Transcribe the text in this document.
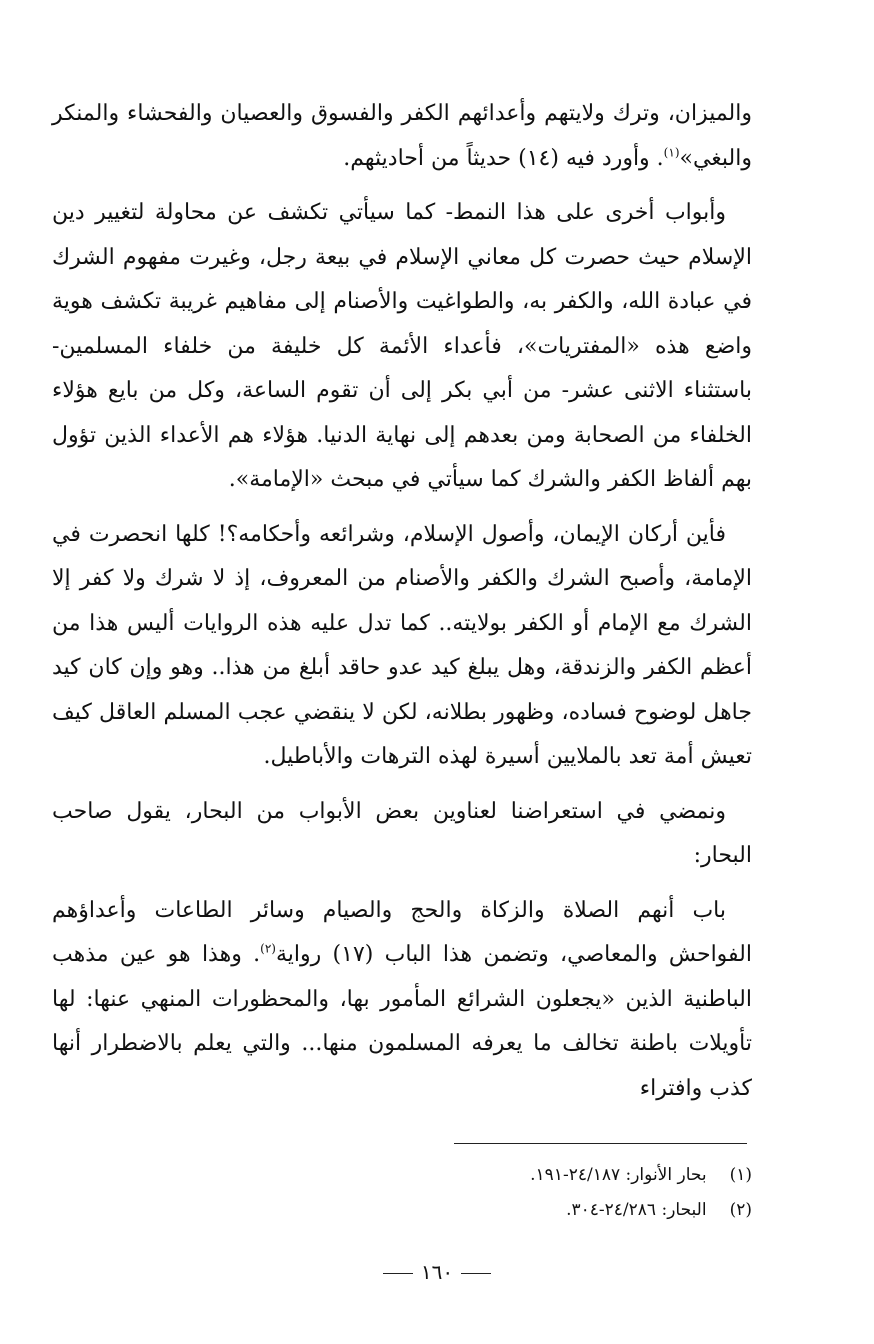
والميزان، وترك ولايتهم وأعدائهم الكفر والفسوق والعصيان والفحشاء والمنكر والبغي»$^{(١)}$. وأورد فيه (١٤) حديثاً من أحاديثهم.

وأبواب أخرى على هذا النمط- كما سيأتي تكشف عن محاولة لتغيير دين الإسلام حيث حصرت كل معاني الإسلام في بيعة رجل، وغيرت مفهوم الشرك في عبادة الله، والكفر به، والطواغيت والأصنام إلى مفاهيم غريبة تكشف هوية واضع هذه «المفتريات»، فأعداء الأئمة كل خليفة من خلفاء المسلمين- باستثناء الاثنى عشر- من أبي بكر إلى أن تقوم الساعة، وكل من بايع هؤلاء الخلفاء من الصحابة ومن بعدهم إلى نهاية الدنيا. هؤلاء هم الأعداء الذين تؤول بهم ألفاظ الكفر والشرك كما سيأتي في مبحث «الإمامة».

فأين أركان الإيمان، وأصول الإسلام، وشرائعه وأحكامه؟! كلها انحصرت في الإمامة، وأصبح الشرك والكفر والأصنام من المعروف، إذ لا شرك ولا كفر إلا الشرك مع الإمام أو الكفر بولايته.. كما تدل عليه هذه الروايات أليس هذا من أعظم الكفر والزندقة، وهل يبلغ كيد عدو حاقد أبلغ من هذا.. وهو وإن كان كيد جاهل لوضوح فساده، وظهور بطلانه، لكن لا ينقضي عجب المسلم العاقل كيف تعيش أمة تعد بالملايين أسيرة لهذه الترهات والأباطيل.

ونمضي في استعراضنا لعناوين بعض الأبواب من البحار، يقول صاحب البحار:

باب أنهم الصلاة والزكاة والحج والصيام وسائر الطاعات وأعداؤهم الفواحش والمعاصي، وتضمن هذا الباب (١٧) رواية$^{(٢)}$. وهذا هو عين مذهب الباطنية الذين «يجعلون الشرائع المأمور بها، والمحظورات المنهي عنها: لها تأويلات باطنة تخالف ما يعرفه المسلمون منها... والتي يعلم بالاضطرار أنها كذب وافتراء

(١) بحار الأنوار: ٢٤/١٨٧-١٩١.
(٢) البحار: ٢٤/٢٨٦-٣٠٤.
١٦٠
